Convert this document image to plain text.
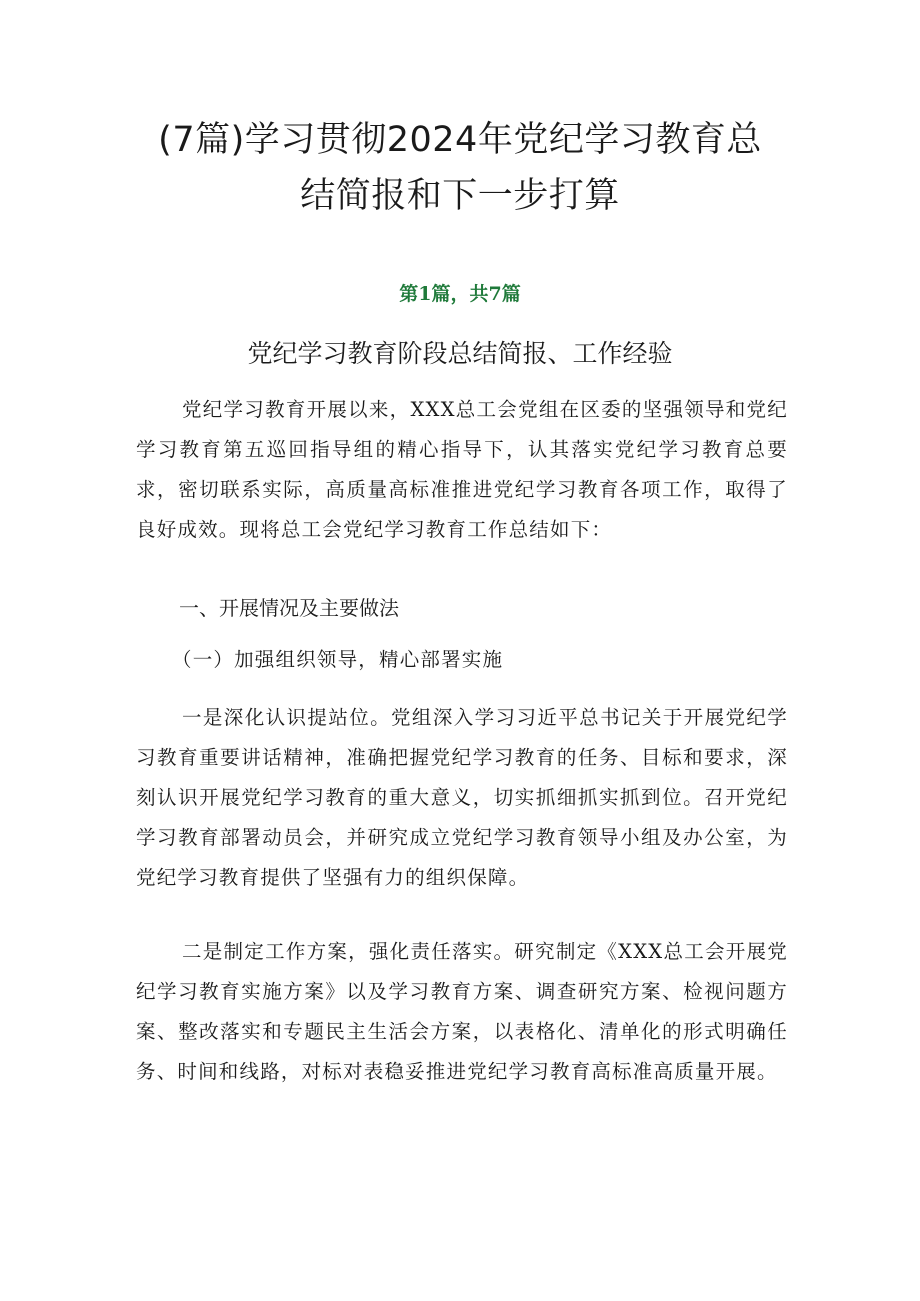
(7篇)学习贯彻2024年党纪学习教育总
结简报和下一步打算
第1篇，共7篇
党纪学习教育阶段总结简报、工作经验

党纪学习教育开展以来，XXX总工会党组在区委的坚强领导和党纪学习教育第五巡回指导组的精心指导下，认其落实党纪学习教育总要求，密切联系实际，高质量高标准推进党纪学习教育各项工作，取得了良好成效。现将总工会党纪学习教育工作总结如下：

一、开展情况及主要做法
（一）加强组织领导，精心部署实施

一是深化认识提站位。党组深入学习习近平总书记关于开展党纪学习教育重要讲话精神，准确把握党纪学习教育的任务、目标和要求，深刻认识开展党纪学习教育的重大意义，切实抓细抓实抓到位。召开党纪学习教育部署动员会，并研究成立党纪学习教育领导小组及办公室，为党纪学习教育提供了坚强有力的组织保障。

二是制定工作方案，强化责任落实。研究制定《XXX总工会开展党纪学习教育实施方案》以及学习教育方案、调查研究方案、检视问题方案、整改落实和专题民主生活会方案，以表格化、清单化的形式明确任务、时间和线路，对标对表稳妥推进党纪学习教育高标准高质量开展。
